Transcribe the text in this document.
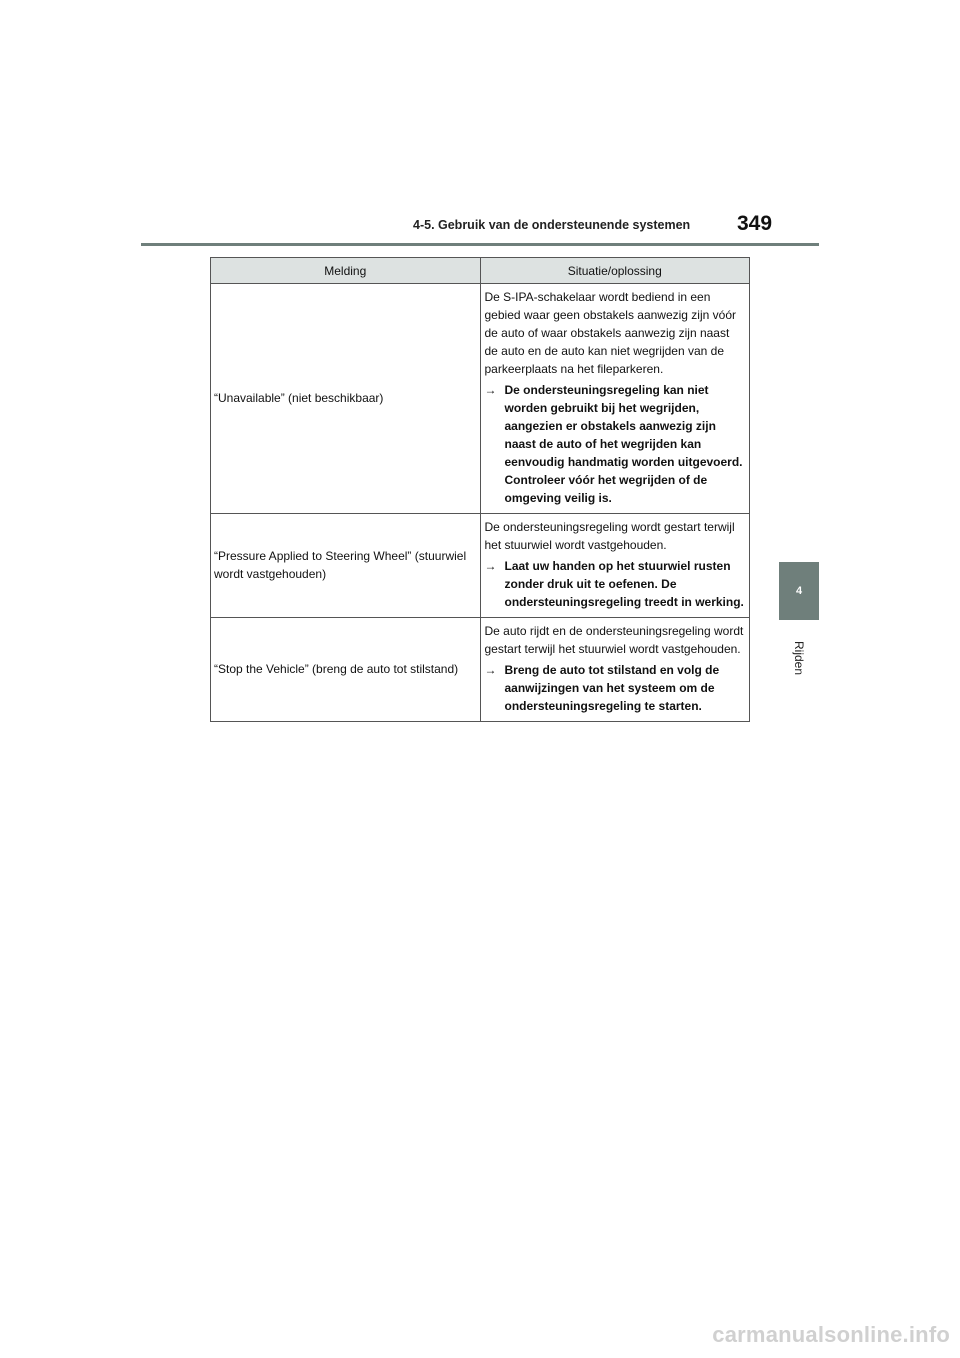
4-5. Gebruik van de ondersteunende systemen 349
4
Rijden
Melding	Situatie/oplossing
“Unavailable” (niet beschikbaar)	De S-IPA-schakelaar wordt bediend in een gebied waar geen obstakels aanwezig zijn vóór de auto of waar obstakels aanwezig zijn naast de auto en de auto kan niet wegrijden van de parkeerplaats na het fileparkeren.
→ De ondersteuningsregeling kan niet worden gebruikt bij het wegrijden, aangezien er obstakels aanwezig zijn naast de auto of het wegrijden kan eenvoudig handmatig worden uitgevoerd. Controleer vóór het wegrijden of de omgeving veilig is.

“Pressure Applied to Steering Wheel” (stuurwiel wordt vastgehouden)	De ondersteuningsregeling wordt gestart terwijl het stuurwiel wordt vastgehouden.
→ Laat uw handen op het stuurwiel rusten zonder druk uit te oefenen. De ondersteuningsregeling treedt in werking.

“Stop the Vehicle” (breng de auto tot stilstand)	De auto rijdt en de ondersteuningsregeling wordt gestart terwijl het stuurwiel wordt vastgehouden.
→ Breng de auto tot stilstand en volg de aanwijzingen van het systeem om de ondersteuningsregeling te starten.
carmanualsonline.info
